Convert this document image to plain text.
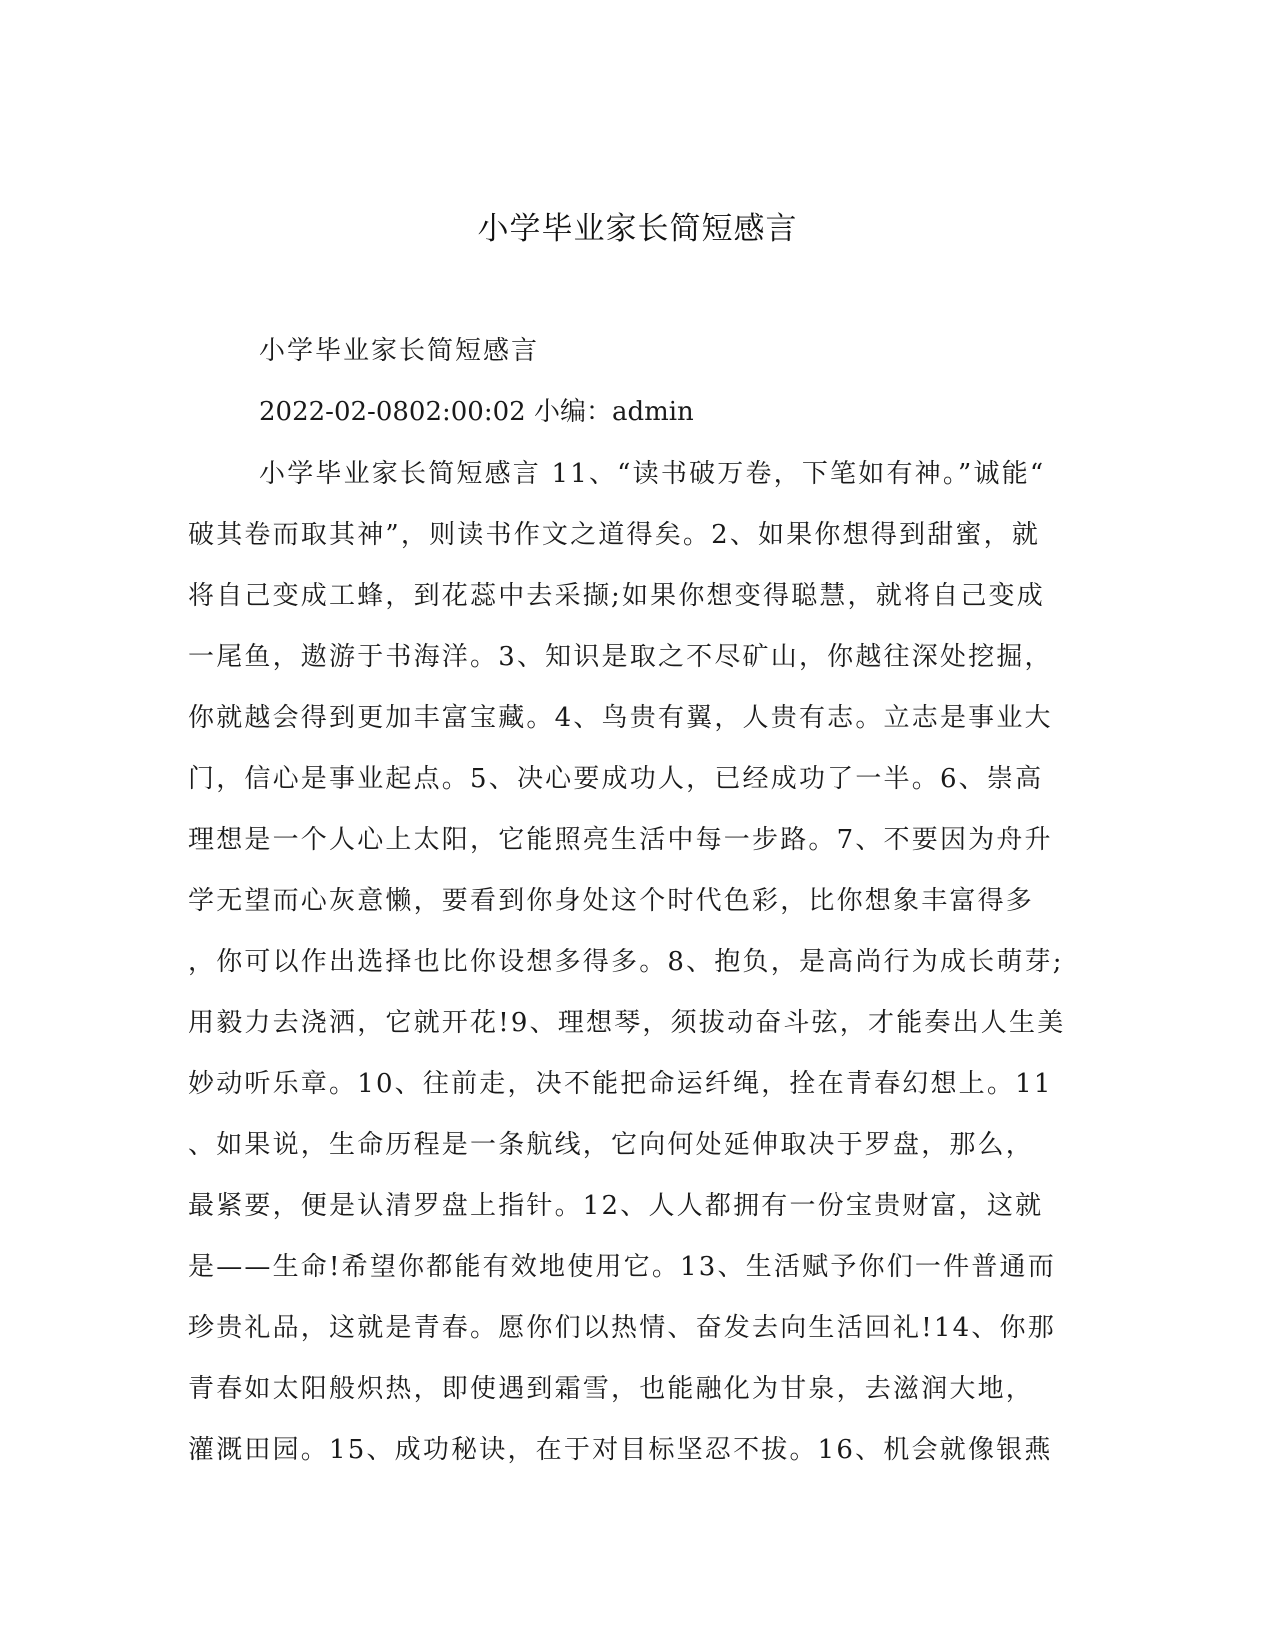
小学毕业家长简短感言
小学毕业家长简短感言
2022-02-0802:00:02 小编：admin
小学毕业家长简短感言 11、“读书破万卷，下笔如有神。”诚能“
破其卷而取其神”，则读书作文之道得矣。2、如果你想得到甜蜜，就
将自己变成工蜂，到花蕊中去采撷;如果你想变得聪慧，就将自己变成
一尾鱼，遨游于书海洋。3、知识是取之不尽矿山，你越往深处挖掘，
你就越会得到更加丰富宝藏。4、鸟贵有翼，人贵有志。立志是事业大
门，信心是事业起点。5、决心要成功人，已经成功了一半。6、崇高
理想是一个人心上太阳，它能照亮生活中每一步路。7、不要因为舟升
学无望而心灰意懒，要看到你身处这个时代色彩，比你想象丰富得多
，你可以作出选择也比你设想多得多。8、抱负，是高尚行为成长萌芽;
用毅力去浇洒，它就开花!9、理想琴，须拔动奋斗弦，才能奏出人生美
妙动听乐章。10、往前走，决不能把命运纤绳，拴在青春幻想上。11
、如果说，生命历程是一条航线，它向何处延伸取决于罗盘，那么，
最紧要，便是认清罗盘上指针。12、人人都拥有一份宝贵财富，这就
是——生命!希望你都能有效地使用它。13、生活赋予你们一件普通而
珍贵礼品，这就是青春。愿你们以热情、奋发去向生活回礼!14、你那
青春如太阳般炽热，即使遇到霜雪，也能融化为甘泉，去滋润大地，
灌溉田园。15、成功秘诀，在于对目标坚忍不拔。16、机会就像银燕
